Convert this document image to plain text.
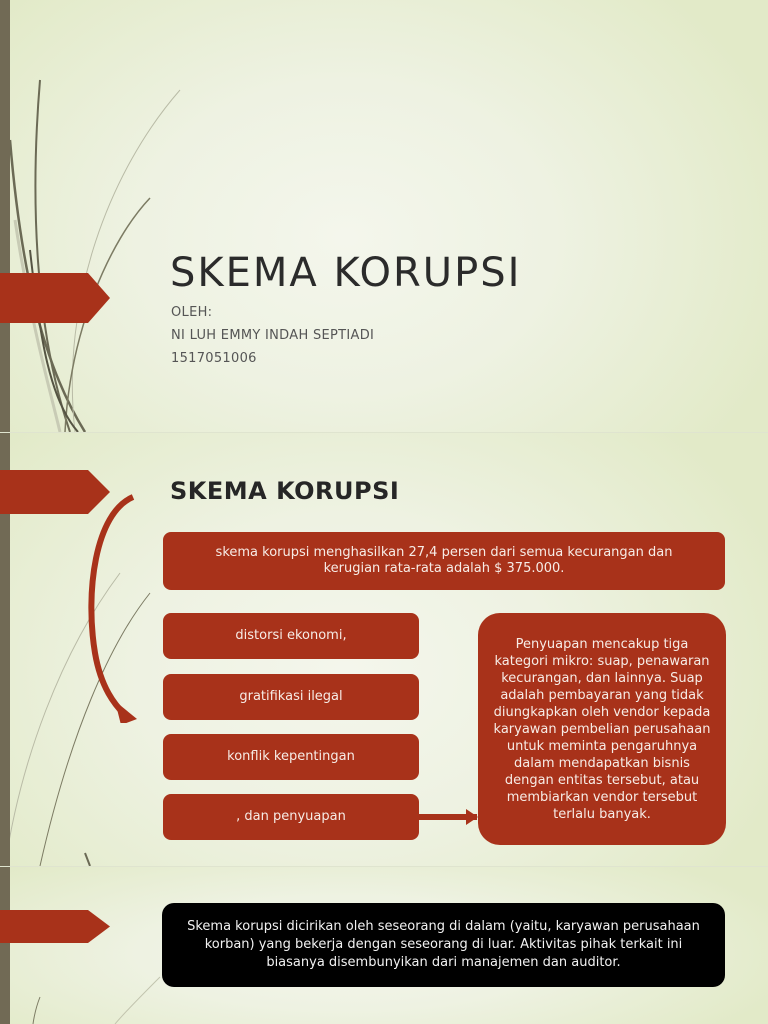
SKEMA KORUPSI
OLEH:
NI LUH EMMY INDAH SEPTIADI
1517051006
SKEMA KORUPSI
skema korupsi menghasilkan 27,4 persen dari semua kecurangan dan kerugian rata-rata adalah $ 375.000.
distorsi ekonomi,
gratifikasi ilegal
konflik kepentingan
, dan penyuapan
Penyuapan mencakup tiga kategori mikro: suap, penawaran kecurangan, dan lainnya. Suap adalah pembayaran yang tidak diungkapkan oleh vendor kepada karyawan pembelian perusahaan untuk meminta pengaruhnya dalam mendapatkan bisnis dengan entitas tersebut, atau membiarkan vendor tersebut terlalu banyak.
Skema korupsi dicirikan oleh seseorang di dalam (yaitu, karyawan perusahaan korban) yang bekerja dengan seseorang di luar. Aktivitas pihak terkait ini biasanya disembunyikan dari manajemen dan auditor.
